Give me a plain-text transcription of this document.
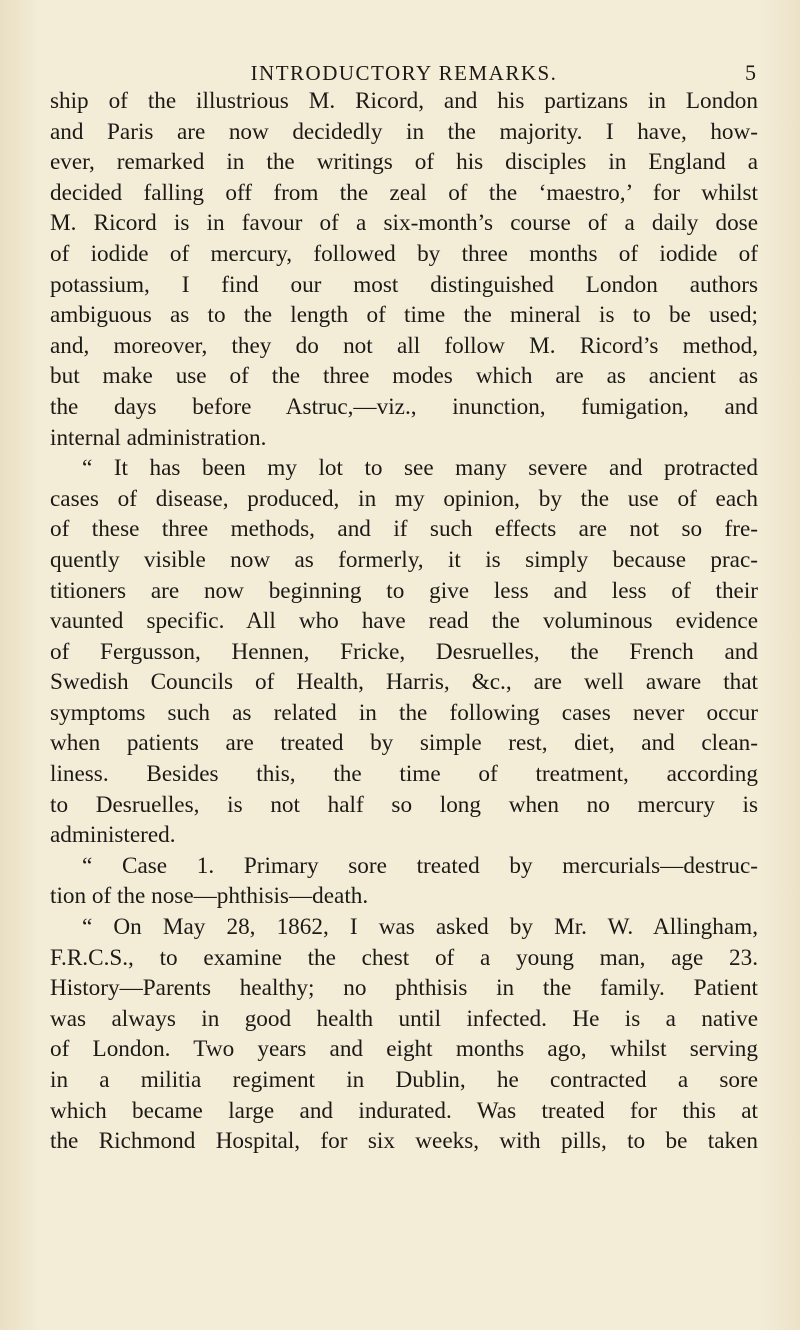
INTRODUCTORY REMARKS.	5
ship of the illustrious M. Ricord, and his partizans in London
and Paris are now decidedly in the majority. I have, how-
ever, remarked in the writings of his disciples in England a
decided falling off from the zeal of the ‘maestro,’ for whilst
M. Ricord is in favour of a six-month’s course of a daily dose
of iodide of mercury, followed by three months of iodide of
potassium, I find our most distinguished London authors
ambiguous as to the length of time the mineral is to be used;
and, moreover, they do not all follow M. Ricord’s method,
but make use of the three modes which are as ancient as
the days before Astruc,—viz., inunction, fumigation, and
internal administration.
“ It has been my lot to see many severe and protracted
cases of disease, produced, in my opinion, by the use of each
of these three methods, and if such effects are not so fre-
quently visible now as formerly, it is simply because prac-
titioners are now beginning to give less and less of their
vaunted specific. All who have read the voluminous evidence
of Fergusson, Hennen, Fricke, Desruelles, the French and
Swedish Councils of Health, Harris, &c., are well aware that
symptoms such as related in the following cases never occur
when patients are treated by simple rest, diet, and clean-
liness. Besides this, the time of treatment, according
to Desruelles, is not half so long when no mercury is
administered.
“ Case 1. Primary sore treated by mercurials—destruc-
tion of the nose—phthisis—death.
“ On May 28, 1862, I was asked by Mr. W. Allingham,
F.R.C.S., to examine the chest of a young man, age 23.
History—Parents healthy; no phthisis in the family. Patient
was always in good health until infected. He is a native
of London. Two years and eight months ago, whilst serving
in a militia regiment in Dublin, he contracted a sore
which became large and indurated. Was treated for this at
the Richmond Hospital, for six weeks, with pills, to be taken
